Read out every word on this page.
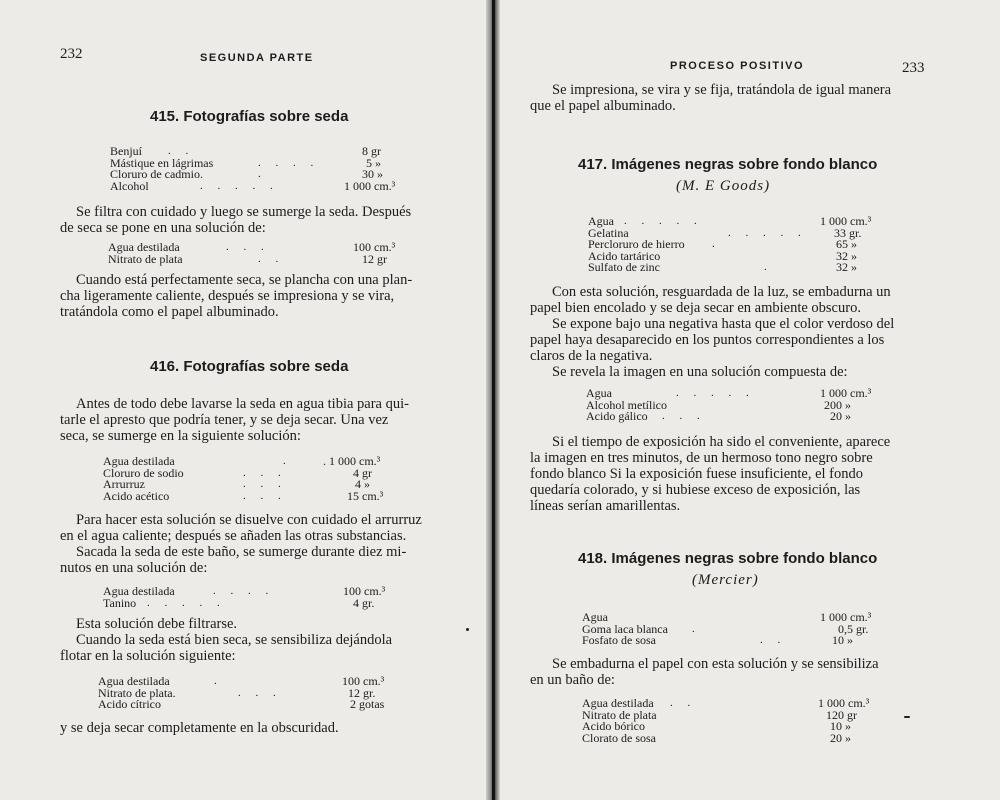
232	SEGUNDA PARTE
415. Fotografías sobre seda
Benjuí . .	8 gr
Mástique en lágrimas	. . . .	5 »
Cloruro de cadmio.	.	30 »
Alcohol	. . . . .	1 000 cm.³
Se filtra con cuidado y luego se sumerge la seda. Después
de seca se pone en una solución de:
Agua destilada	. . .	100 cm.³
Nitrato de plata	. .	12 gr
Cuando está perfectamente seca, se plancha con una plan-
cha ligeramente caliente, después se impresiona y se vira,
tratándola como el papel albuminado.
416. Fotografías sobre seda
Antes de todo debe lavarse la seda en agua tibia para qui-
tarle el apresto que podría tener, y se deja secar. Una vez
seca, se sumerge en la siguiente solución:
Agua destilada	.	. 1 000 cm.³
Cloruro de sodio	. . .	4 gr
Arrurruz	. . .	4 »
Acido acético	. . .	15 cm.³
Para hacer esta solución se disuelve con cuidado el arrurruz
en el agua caliente; después se añaden las otras substancias.
Sacada la seda de este baño, se sumerge durante diez mi-
nutos en una solución de:
Agua destilada	. . . .	100 cm.³
Tanino . . . . .	4 gr.
Esta solución debe filtrarse.
Cuando la seda está bien seca, se sensibiliza dejándola
flotar en la solución siguiente:
Agua destilada	.	100 cm.³
Nitrato de plata.	. . .	12 gr.
Acido cítrico	2 gotas
y se deja secar completamente en la obscuridad.
PROCESO POSITIVO	233
Se impresiona, se vira y se fija, tratándola de igual manera
que el papel albuminado.
417. Imágenes negras sobre fondo blanco
(M. E Goods)
Agua . . . . .	1 000 cm.³
Gelatina	. . . . . 33 gr.
Percloruro de hierro .	65 »
Acido tartárico	32 »
Sulfato de zinc	.	32 »
Con esta solución, resguardada de la luz, se embadurna un
papel bien encolado y se deja secar en ambiente obscuro.
Se expone bajo una negativa hasta que el color verdoso del
papel haya desaparecido en los puntos correspondientes a los
claros de la negativa.
Se revela la imagen en una solución compuesta de:
Agua	. . . . .	1 000 cm.³
Alcohol metílico	200 »
Acido gálico . . .	20 »
Si el tiempo de exposición ha sido el conveniente, aparece
la imagen en tres minutos, de un hermoso tono negro sobre
fondo blanco Si la exposición fuese insuficiente, el fondo
quedaría colorado, y si hubiese exceso de exposición, las
líneas serían amarillentas.
418. Imágenes negras sobre fondo blanco
(Mercier)
Agua	1 000 cm.³
Goma laca blanca .	0,5 gr.
Fosfato de sosa	. .	10 »
Se embadurna el papel con esta solución y se sensibiliza
en un baño de:
Agua destilada . .	1 000 cm.³
Nitrato de plata	120 gr
Acido bórico	10 »
Clorato de sosa	20 »
